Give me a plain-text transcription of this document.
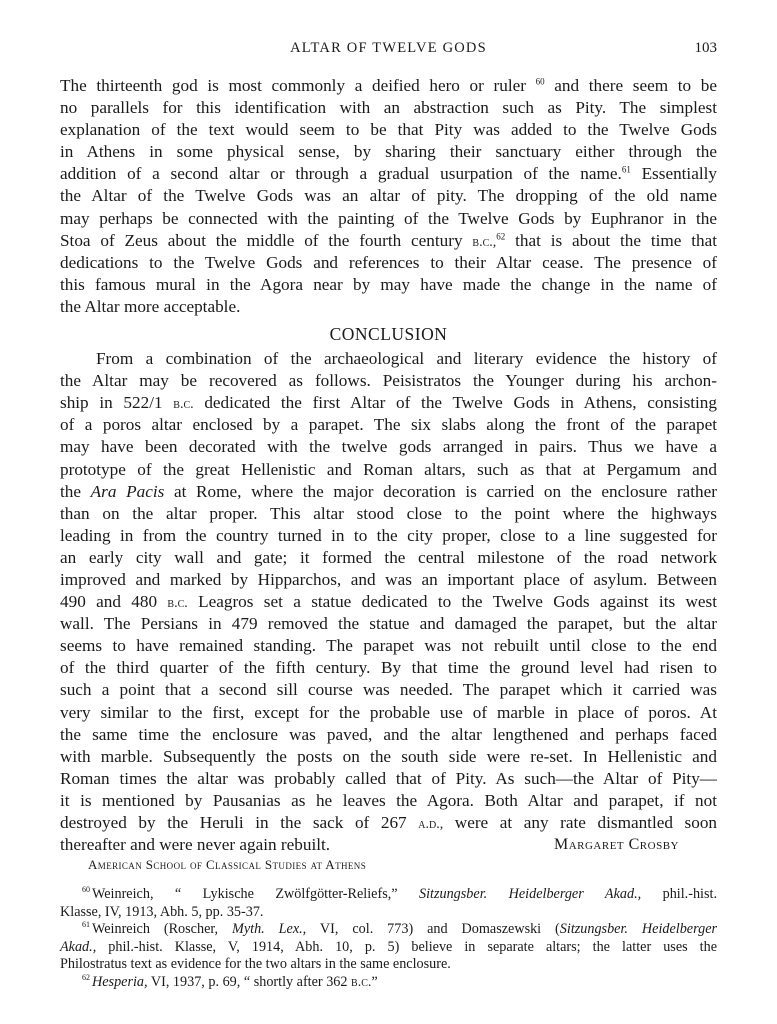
ALTAR OF TWELVE GODS	103
The thirteenth god is most commonly a deified hero or ruler $^{60}$ and there seem to be
no parallels for this identification with an abstraction such as Pity. The simplest
explanation of the text would seem to be that Pity was added to the Twelve Gods
in Athens in some physical sense, by sharing their sanctuary either through the
addition of a second altar or through a gradual usurpation of the name.$^{61}$ Essentially
the Altar of the Twelve Gods was an altar of pity. The dropping of the old name
may perhaps be connected with the painting of the Twelve Gods by Euphranor in the
Stoa of Zeus about the middle of the fourth century b.c.,$^{62}$ that is about the time that
dedications to the Twelve Gods and references to their Altar cease. The presence of
this famous mural in the Agora near by may have made the change in the name of
the Altar more acceptable.
CONCLUSION
From a combination of the archaeological and literary evidence the history of
the Altar may be recovered as follows. Peisistratos the Younger during his archon-
ship in 522/1 b.c. dedicated the first Altar of the Twelve Gods in Athens, consisting
of a poros altar enclosed by a parapet. The six slabs along the front of the parapet
may have been decorated with the twelve gods arranged in pairs. Thus we have a
prototype of the great Hellenistic and Roman altars, such as that at Pergamum and
the Ara Pacis at Rome, where the major decoration is carried on the enclosure rather
than on the altar proper. This altar stood close to the point where the highways
leading in from the country turned in to the city proper, close to a line suggested for
an early city wall and gate; it formed the central milestone of the road network
improved and marked by Hipparchos, and was an important place of asylum. Between
490 and 480 b.c. Leagros set a statue dedicated to the Twelve Gods against its west
wall. The Persians in 479 removed the statue and damaged the parapet, but the altar
seems to have remained standing. The parapet was not rebuilt until close to the end
of the third quarter of the fifth century. By that time the ground level had risen to
such a point that a second sill course was needed. The parapet which it carried was
very similar to the first, except for the probable use of marble in place of poros. At
the same time the enclosure was paved, and the altar lengthened and perhaps faced
with marble. Subsequently the posts on the south side were re-set. In Hellenistic and
Roman times the altar was probably called that of Pity. As such—the Altar of Pity—
it is mentioned by Pausanias as he leaves the Agora. Both Altar and parapet, if not
destroyed by the Heruli in the sack of 267 a.d., were at any rate dismantled soon
thereafter and were never again rebuilt.	Margaret Crosby
American School of Classical Studies at Athens
$^{60}$ Weinreich, “ Lykische Zwölfgötter-Reliefs,” Sitzungsber. Heidelberger Akad., phil.-hist.
Klasse, IV, 1913, Abh. 5, pp. 35-37.
$^{61}$ Weinreich (Roscher, Myth. Lex., VI, col. 773) and Domaszewski (Sitzungsber. Heidelberger
Akad., phil.-hist. Klasse, V, 1914, Abh. 10, p. 5) believe in separate altars; the latter uses the
Philostratus text as evidence for the two altars in the same enclosure.
$^{62}$ Hesperia, VI, 1937, p. 69, “ shortly after 362 b.c.”
